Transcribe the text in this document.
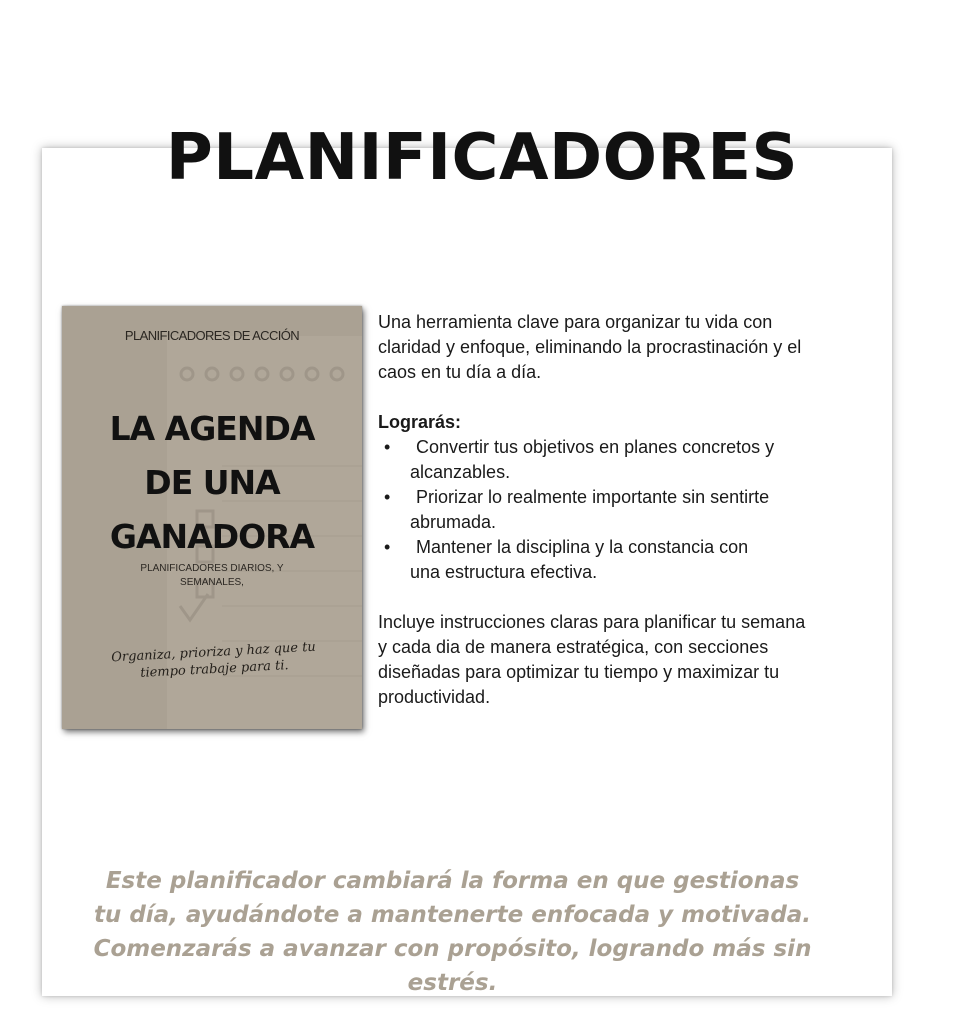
PLANIFICADORES
PLANIFICADORES DE ACCIÓN
LA AGENDA
DE UNA
GANADORA
PLANIFICADORES DIARIOS, Y SEMANALES,
Organiza, prioriza y haz que tu tiempo trabaje para ti.

Una herramienta clave para organizar tu vida con claridad y enfoque, eliminando la procrastinación y el caos en tu día a día.

Lograrás:

•	Convertir tus objetivos en planes concretos y alcanzables.
•	Priorizar lo realmente importante sin sentirte abrumada.
•	Mantener la disciplina y la constancia con una estructura efectiva.

Incluye instrucciones claras para planificar tu semana y cada dia de manera estratégica, con secciones diseñadas para optimizar tu tiempo y maximizar tu productividad.

Este planificador cambiará la forma en que gestionas tu día, ayudándote a mantenerte enfocada y motivada. Comenzarás a avanzar con propósito, logrando más sin estrés.
